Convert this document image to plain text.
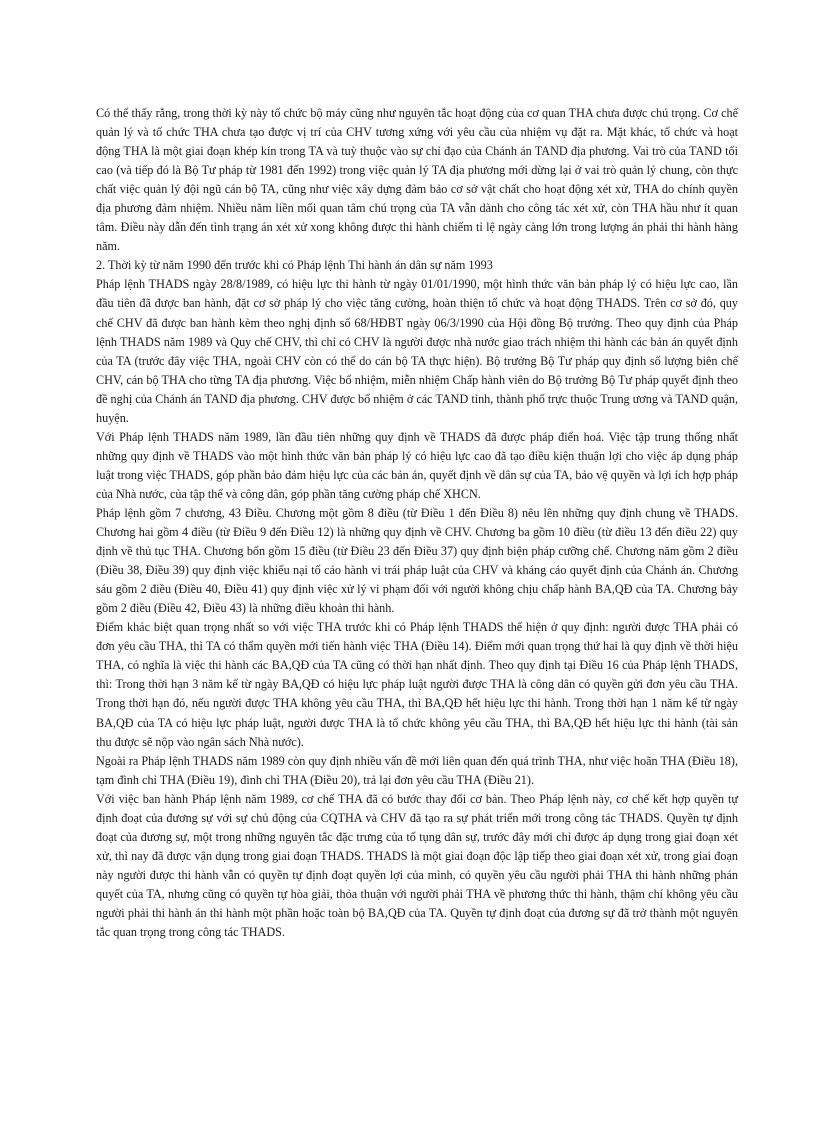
Có thể thấy rằng, trong thời kỳ này tổ chức bộ máy cũng như nguyên tắc hoạt động của cơ quan THA chưa được chú trọng. Cơ chế quản lý và tổ chức THA chưa tạo được vị trí của CHV tương xứng với yêu cầu của nhiệm vụ đặt ra. Mặt khác, tổ chức và hoạt động THA là một giai đoạn khép kín trong TA và tuỳ thuộc vào sự chỉ đạo của Chánh án TAND địa phương. Vai trò của TAND tối cao (và tiếp đó là Bộ Tư pháp từ 1981 đến 1992) trong việc quản lý TA địa phương mới dừng lại ở vai trò quản lý chung, còn thực chất việc quản lý đội ngũ cán bộ TA, cũng như việc xây dựng đảm bảo cơ sở vật chất cho hoạt động xét xử, THA do chính quyền địa phương đảm nhiệm. Nhiều năm liền mối quan tâm chú trọng của TA vẫn dành cho công tác xét xử, còn THA hầu như ít quan tâm. Điều này dẫn đến tình trạng án xét xử xong không được thi hành chiếm tỉ lệ ngày càng lớn trong lượng án phải thi hành hàng năm.

2. Thời kỳ từ năm 1990 đến trước khi có Pháp lệnh Thi hành án dân sự năm 1993

Pháp lệnh THADS ngày 28/8/1989, có hiệu lực thi hành từ ngày 01/01/1990, một hình thức văn bản pháp lý có hiệu lực cao, lần đầu tiên đã được ban hành, đặt cơ sở pháp lý cho việc tăng cường, hoàn thiện tổ chức và hoạt động THADS. Trên cơ sở đó, quy chế CHV đã được ban hành kèm theo nghị định số 68/HĐBT ngày 06/3/1990 của Hội đồng Bộ trưởng. Theo quy định của Pháp lệnh THADS năm 1989 và Quy chế CHV, thì chỉ có CHV là người được nhà nước giao trách nhiệm thi hành các bản án quyết định của TA (trước đây việc THA, ngoài CHV còn có thể do cán bộ TA thực hiện). Bộ trưởng Bộ Tư pháp quy định số lượng biên chế CHV, cán bộ THA cho từng TA địa phương. Việc bổ nhiệm, miễn nhiệm Chấp hành viên do Bộ trưởng Bộ Tư pháp quyết định theo đề nghị của Chánh án TAND địa phương. CHV được bổ nhiệm ở các TAND tỉnh, thành phố trực thuộc Trung ương và TAND quận, huyện.

Với Pháp lệnh THADS năm 1989, lần đầu tiên những quy định về THADS đã được pháp điển hoá. Việc tập trung thống nhất những quy định về THADS vào một hình thức văn bản pháp lý có hiệu lực cao đã tạo điều kiện thuận lợi cho việc áp dụng pháp luật trong việc THADS, góp phần bảo đảm hiệu lực của các bản án, quyết định về dân sự của TA, bảo vệ quyền và lợi ích hợp pháp của Nhà nước, của tập thể và công dân, góp phần tăng cường pháp chế XHCN.

Pháp lệnh gồm 7 chương, 43 Điều. Chương một gồm 8 điều (từ Điều 1 đến Điều 8) nêu lên những quy định chung về THADS. Chương hai gồm 4 điều (từ Điều 9 đến Điều 12) là những quy định về CHV. Chương ba gồm 10 điều (từ điều 13 đến điều 22) quy định về thủ tục THA. Chương bốn gồm 15 điều (từ Điều 23 đến Điều 37) quy định biện pháp cưỡng chế. Chương năm gồm 2 điều (Điều 38, Điều 39) quy định việc khiếu nại tố cáo hành vi trái pháp luật của CHV và kháng cáo quyết định của Chánh án. Chương sáu gồm 2 điều (Điều 40, Điều 41) quy định việc xử lý vi phạm đối với người không chịu chấp hành BA,QĐ của TA. Chương bảy gồm 2 điều (Điều 42, Điều 43) là những điều khoản thi hành.

Điểm khác biệt quan trọng nhất so với việc THA trước khi có Pháp lệnh THADS thể hiện ở quy định: người được THA phải có đơn yêu cầu THA, thì TA có thẩm quyền mới tiến hành việc THA (Điều 14). Điểm mới quan trọng thứ hai là quy định về thời hiệu THA, có nghĩa là việc thi hành các BA,QĐ của TA cũng có thời hạn nhất định. Theo quy định tại Điều 16 của Pháp lệnh THADS, thì: Trong thời hạn 3 năm kể từ ngày BA,QĐ có hiệu lực pháp luật người được THA là công dân có quyền gửi đơn yêu cầu THA. Trong thời hạn đó, nếu người được THA không yêu cầu THA, thì BA,QĐ hết hiệu lực thi hành. Trong thời hạn 1 năm kể từ ngày BA,QĐ của TA có hiệu lực pháp luật, người được THA là tổ chức không yêu cầu THA, thì BA,QĐ hết hiệu lực thi hành (tài sản thu được sẽ nộp vào ngân sách Nhà nước).

Ngoài ra Pháp lệnh THADS năm 1989 còn quy định nhiều vấn đề mới liên quan đến quá trình THA, như việc hoãn THA (Điều 18), tạm đình chỉ THA (Điều 19), đình chỉ THA (Điều 20), trả lại đơn yêu cầu THA (Điều 21).

Với việc ban hành Pháp lệnh năm 1989, cơ chế THA đã có bước thay đổi cơ bản. Theo Pháp lệnh này, cơ chế kết hợp quyền tự định đoạt của đương sự với sự chủ động của CQTHA và CHV đã tạo ra sự phát triển mới trong công tác THADS. Quyền tự định đoạt của đương sự, một trong những nguyên tắc đặc trưng của tố tụng dân sự, trước đây mới chỉ được áp dụng trong giai đoạn xét xử, thì nay đã được vận dụng trong giai đoạn THADS. THADS là một giai đoạn độc lập tiếp theo giai đoạn xét xử, trong giai đoạn này người được thi hành vẫn có quyền tự định đoạt quyền lợi của mình, có quyền yêu cầu người phải THA thi hành những phán quyết của TA, nhưng cũng có quyền tự hòa giải, thỏa thuận với người phải THA về phương thức thi hành, thậm chí không yêu cầu người phải thi hành án thi hành một phần hoặc toàn bộ BA,QĐ của TA. Quyền tự định đoạt của đương sự đã trở thành một nguyên tắc quan trọng trong công tác THADS.
